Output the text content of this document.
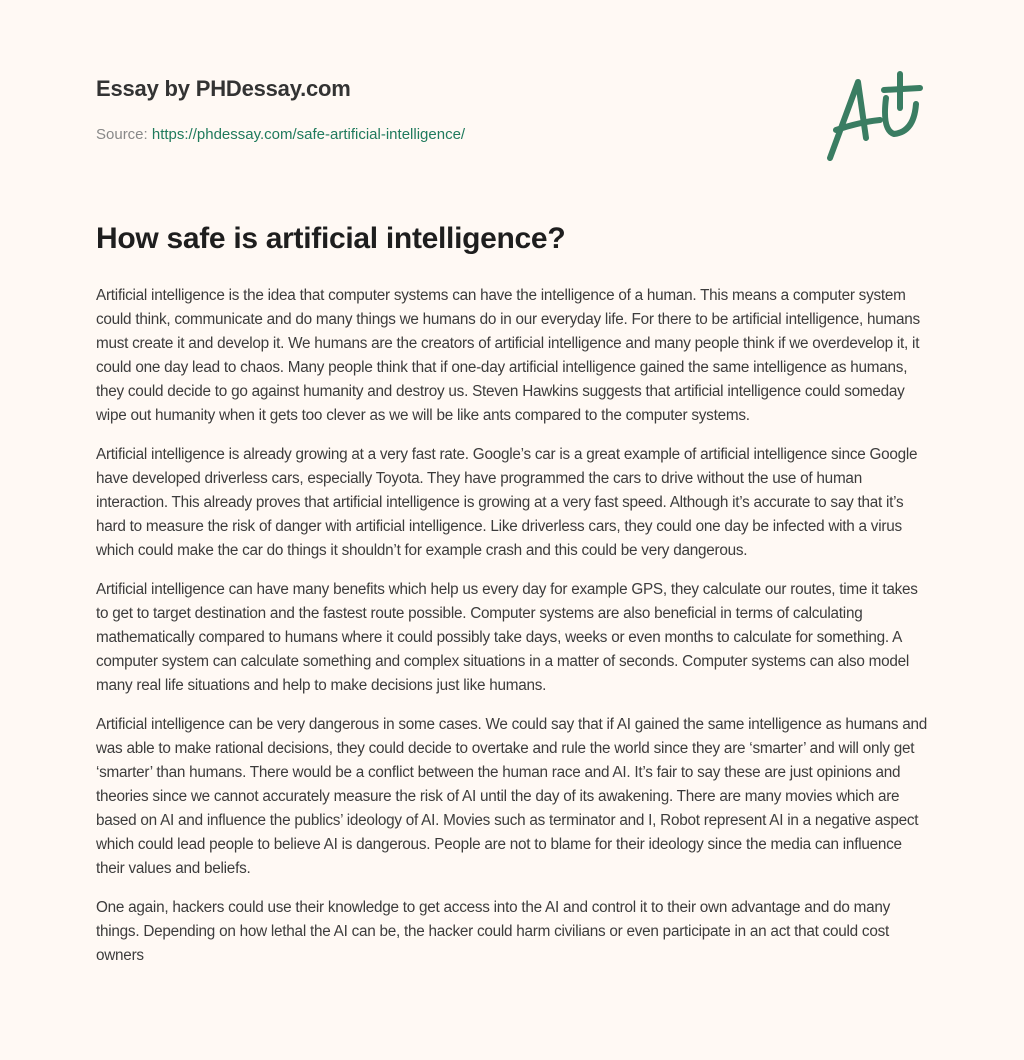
Essay by PHDessay.com
Source: https://phdessay.com/safe-artificial-intelligence/
How safe is artificial intelligence?

Artificial intelligence is the idea that computer systems can have the intelligence of a human. This means a computer system could think, communicate and do many things we humans do in our everyday life. For there to be artificial intelligence, humans must create it and develop it. We humans are the creators of artificial intelligence and many people think if we overdevelop it, it could one day lead to chaos. Many people think that if one-day artificial intelligence gained the same intelligence as humans, they could decide to go against humanity and destroy us. Steven Hawkins suggests that artificial intelligence could someday wipe out humanity when it gets too clever as we will be like ants compared to the computer systems.

Artificial intelligence is already growing at a very fast rate. Google’s car is a great example of artificial intelligence since Google have developed driverless cars, especially Toyota. They have programmed the cars to drive without the use of human interaction. This already proves that artificial intelligence is growing at a very fast speed. Although it’s accurate to say that it’s hard to measure the risk of danger with artificial intelligence. Like driverless cars, they could one day be infected with a virus which could make the car do things it shouldn’t for example crash and this could be very dangerous.

Artificial intelligence can have many benefits which help us every day for example GPS, they calculate our routes, time it takes to get to target destination and the fastest route possible. Computer systems are also beneficial in terms of calculating mathematically compared to humans where it could possibly take days, weeks or even months to calculate for something. A computer system can calculate something and complex situations in a matter of seconds. Computer systems can also model many real life situations and help to make decisions just like humans.

Artificial intelligence can be very dangerous in some cases. We could say that if AI gained the same intelligence as humans and was able to make rational decisions, they could decide to overtake and rule the world since they are ‘smarter’ and will only get ‘smarter’ than humans. There would be a conflict between the human race and AI. It’s fair to say these are just opinions and theories since we cannot accurately measure the risk of AI until the day of its awakening. There are many movies which are based on AI and influence the publics’ ideology of AI. Movies such as terminator and I, Robot represent AI in a negative aspect which could lead people to believe AI is dangerous. People are not to blame for their ideology since the media can influence their values and beliefs.

One again, hackers could use their knowledge to get access into the AI and control it to their own advantage and do many things. Depending on how lethal the AI can be, the hacker could harm civilians or even participate in an act that could cost owners
